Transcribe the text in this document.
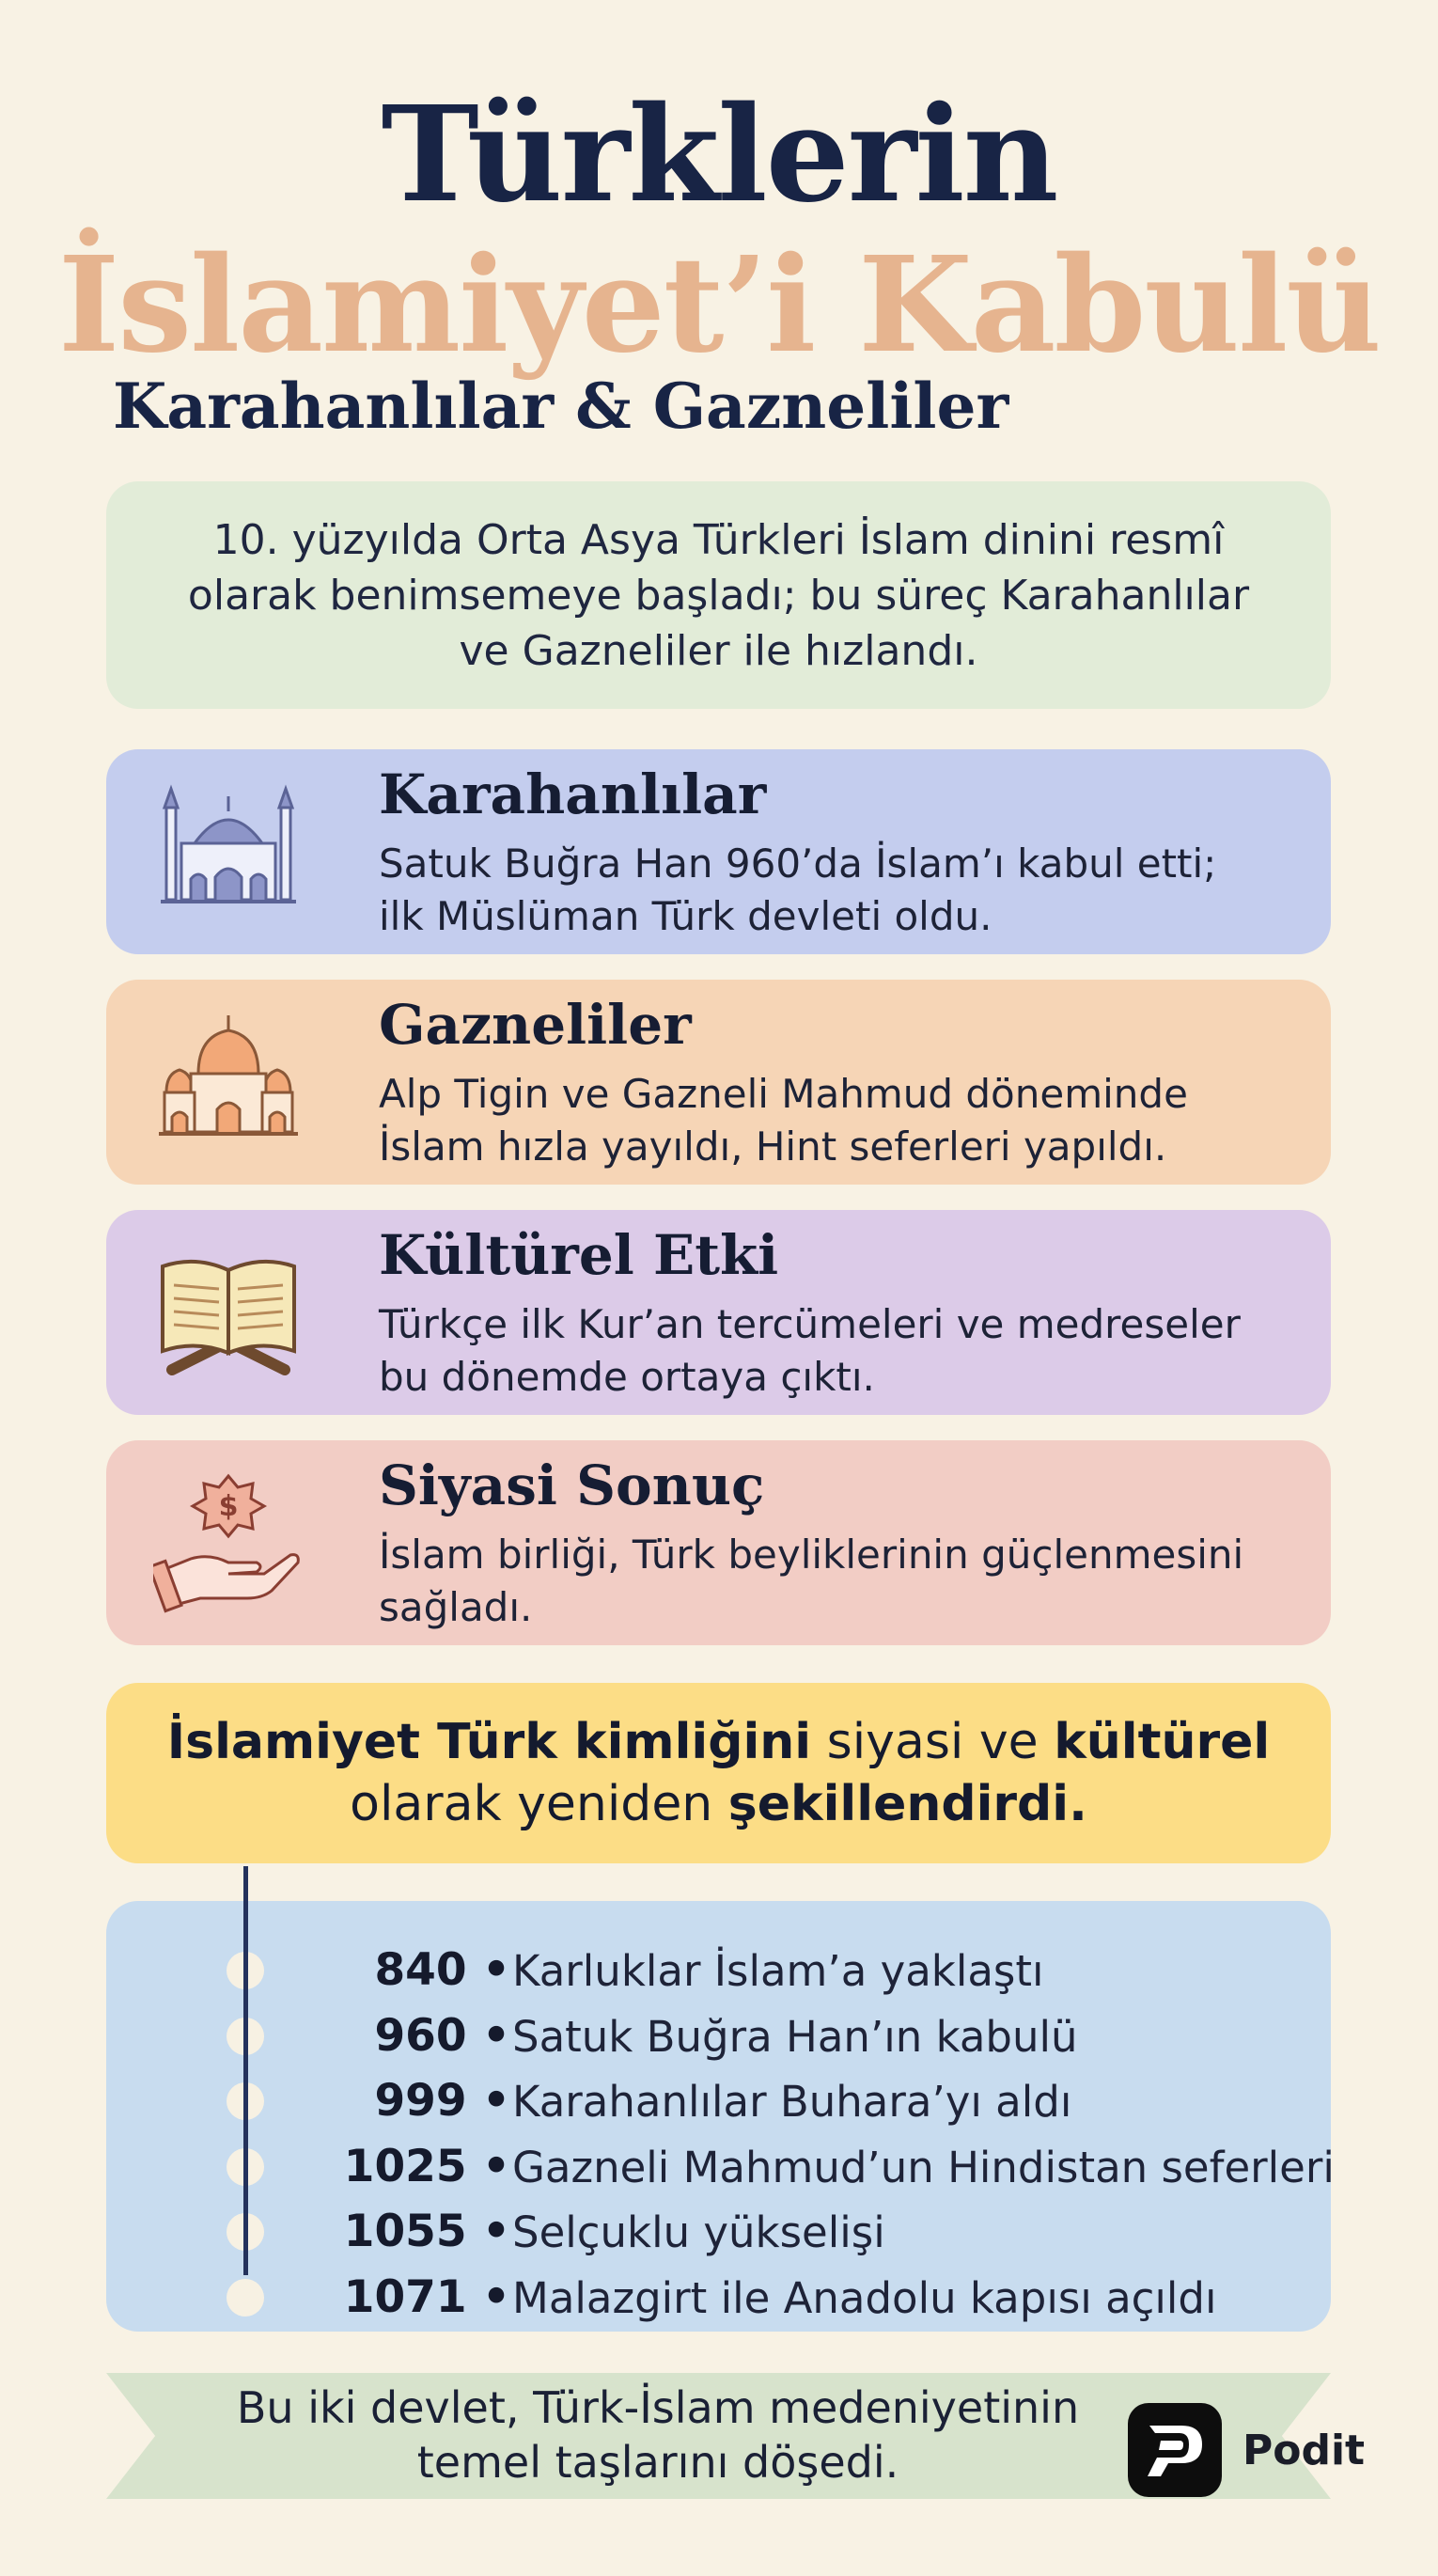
Türklerin
İslamiyet’i Kabulü
Karahanlılar & Gazneliler
10. yüzyılda Orta Asya Türkleri İslam dinini resmî
olarak benimsemeye başladı; bu süreç Karahanlılar
ve Gazneliler ile hızlandı.
Karahanlılar
Satuk Buğra Han 960’da İslam’ı kabul etti;
ilk Müslüman Türk devleti oldu.
Gazneliler
Alp Tigin ve Gazneli Mahmud döneminde
İslam hızla yayıldı, Hint seferleri yapıldı.
Kültürel Etki
Türkçe ilk Kur’an tercümeleri ve medreseler
bu dönemde ortaya çıktı.
$	Siyasi Sonuç
İslam birliği, Türk beyliklerinin güçlenmesini
sağladı.
İslamiyet Türk kimliğini siyasi ve kültürel
olarak yeniden şekillendirdi.
840 • Karluklar İslam’a yaklaştı
960 • Satuk Buğra Han’ın kabulü
999 • Karahanlılar Buhara’yı aldı
1025 • Gazneli Mahmud’un Hindistan seferleri
1055 • Selçuklu yükselişi
1071 • Malazgirt ile Anadolu kapısı açıldı
Bu iki devlet, Türk-İslam medeniyetinin
temel taşlarını döşedi.	Podit
